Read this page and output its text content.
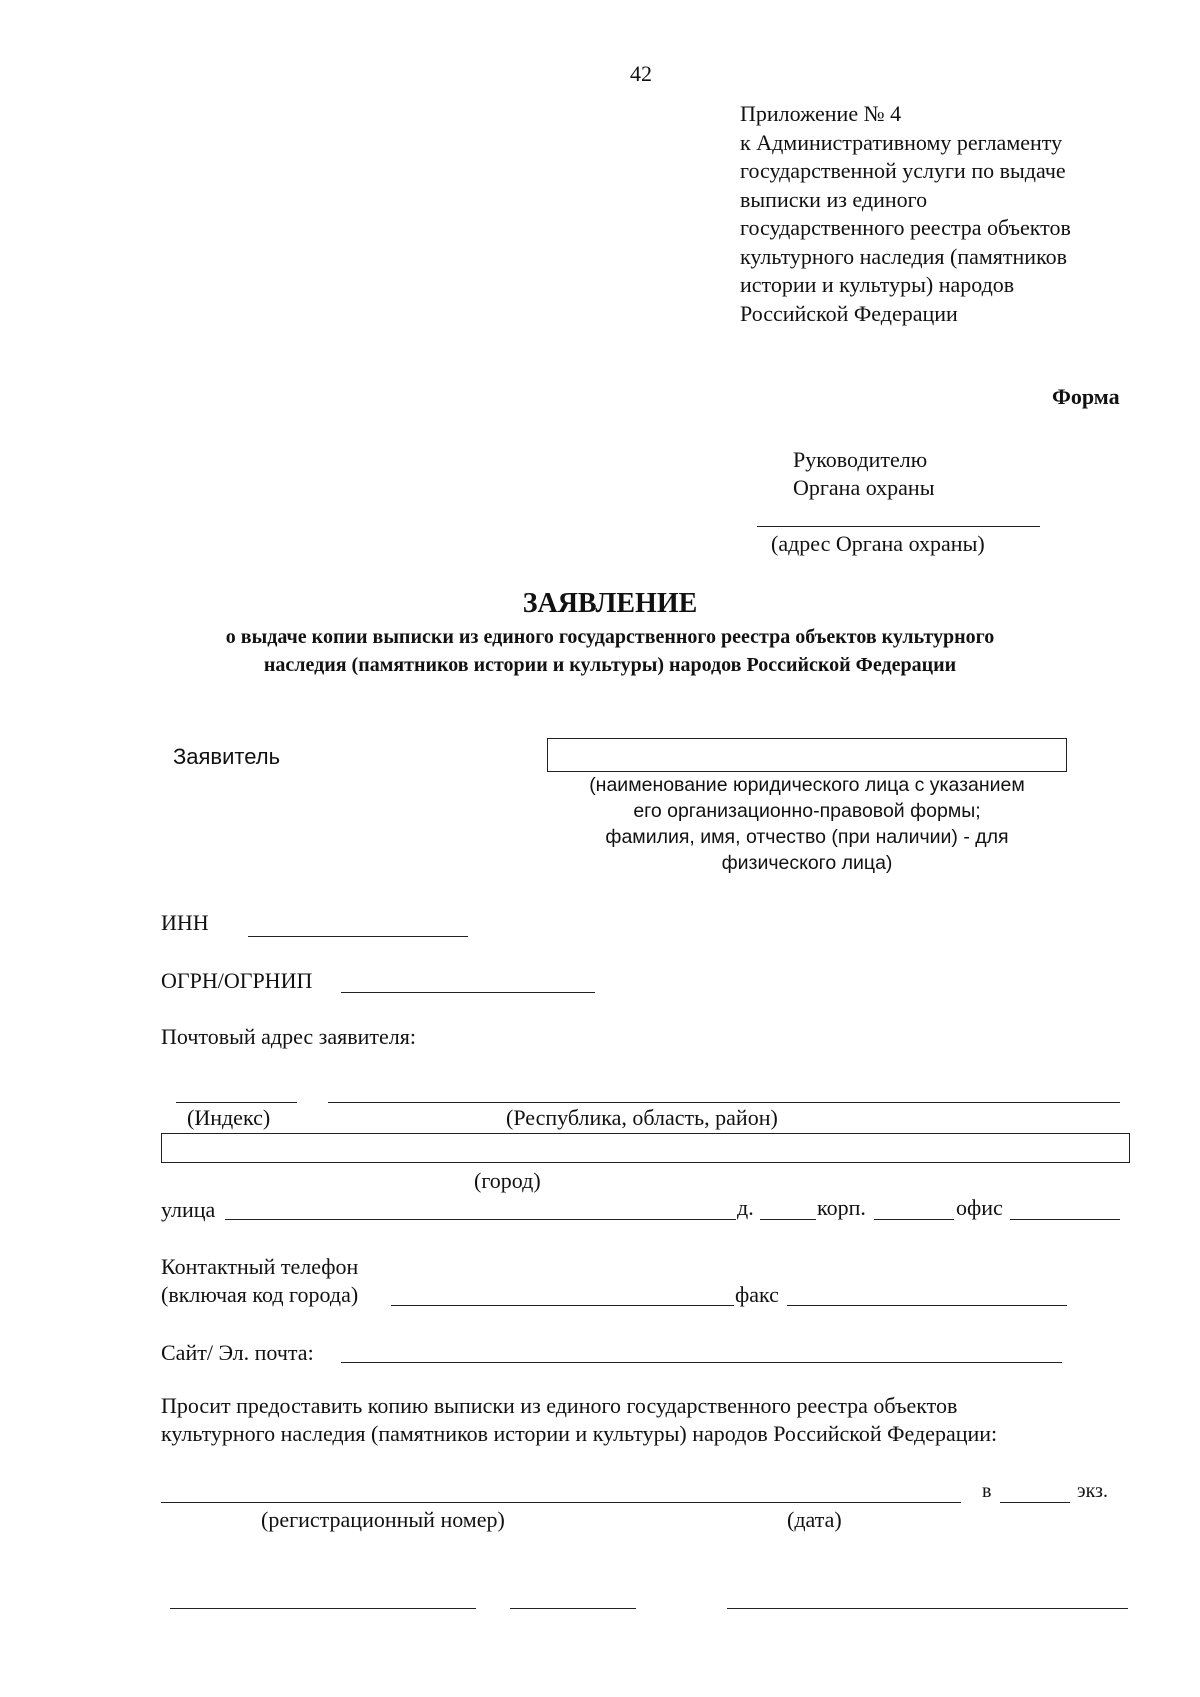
42
Приложение № 4
к Административному регламенту
государственной услуги по выдаче
выписки из единого
государственного реестра объектов
культурного наследия (памятников
истории и культуры) народов
Российской Федерации
Форма
Руководителю
Органа охраны
(адрес Органа охраны)
ЗАЯВЛЕНИЕ
о выдаче копии выписки из единого государственного реестра объектов культурного
наследия (памятников истории и культуры) народов Российской Федерации
Заявитель
(наименование юридического лица с указанием
его организационно-правовой формы;
фамилия, имя, отчество (при наличии) - для
физического лица)
ИНН
ОГРН/ОГРНИП
Почтовый адрес заявителя:
(Индекс)	(Республика, область, район)
(город)
улица	д.	корп.	офис
Контактный телефон
(включая код города)	факс
Сайт/ Эл. почта:
Просит предоставить копию выписки из единого государственного реестра объектов
культурного наследия (памятников истории и культуры) народов Российской Федерации:
в	экз.
(регистрационный номер)	(дата)
